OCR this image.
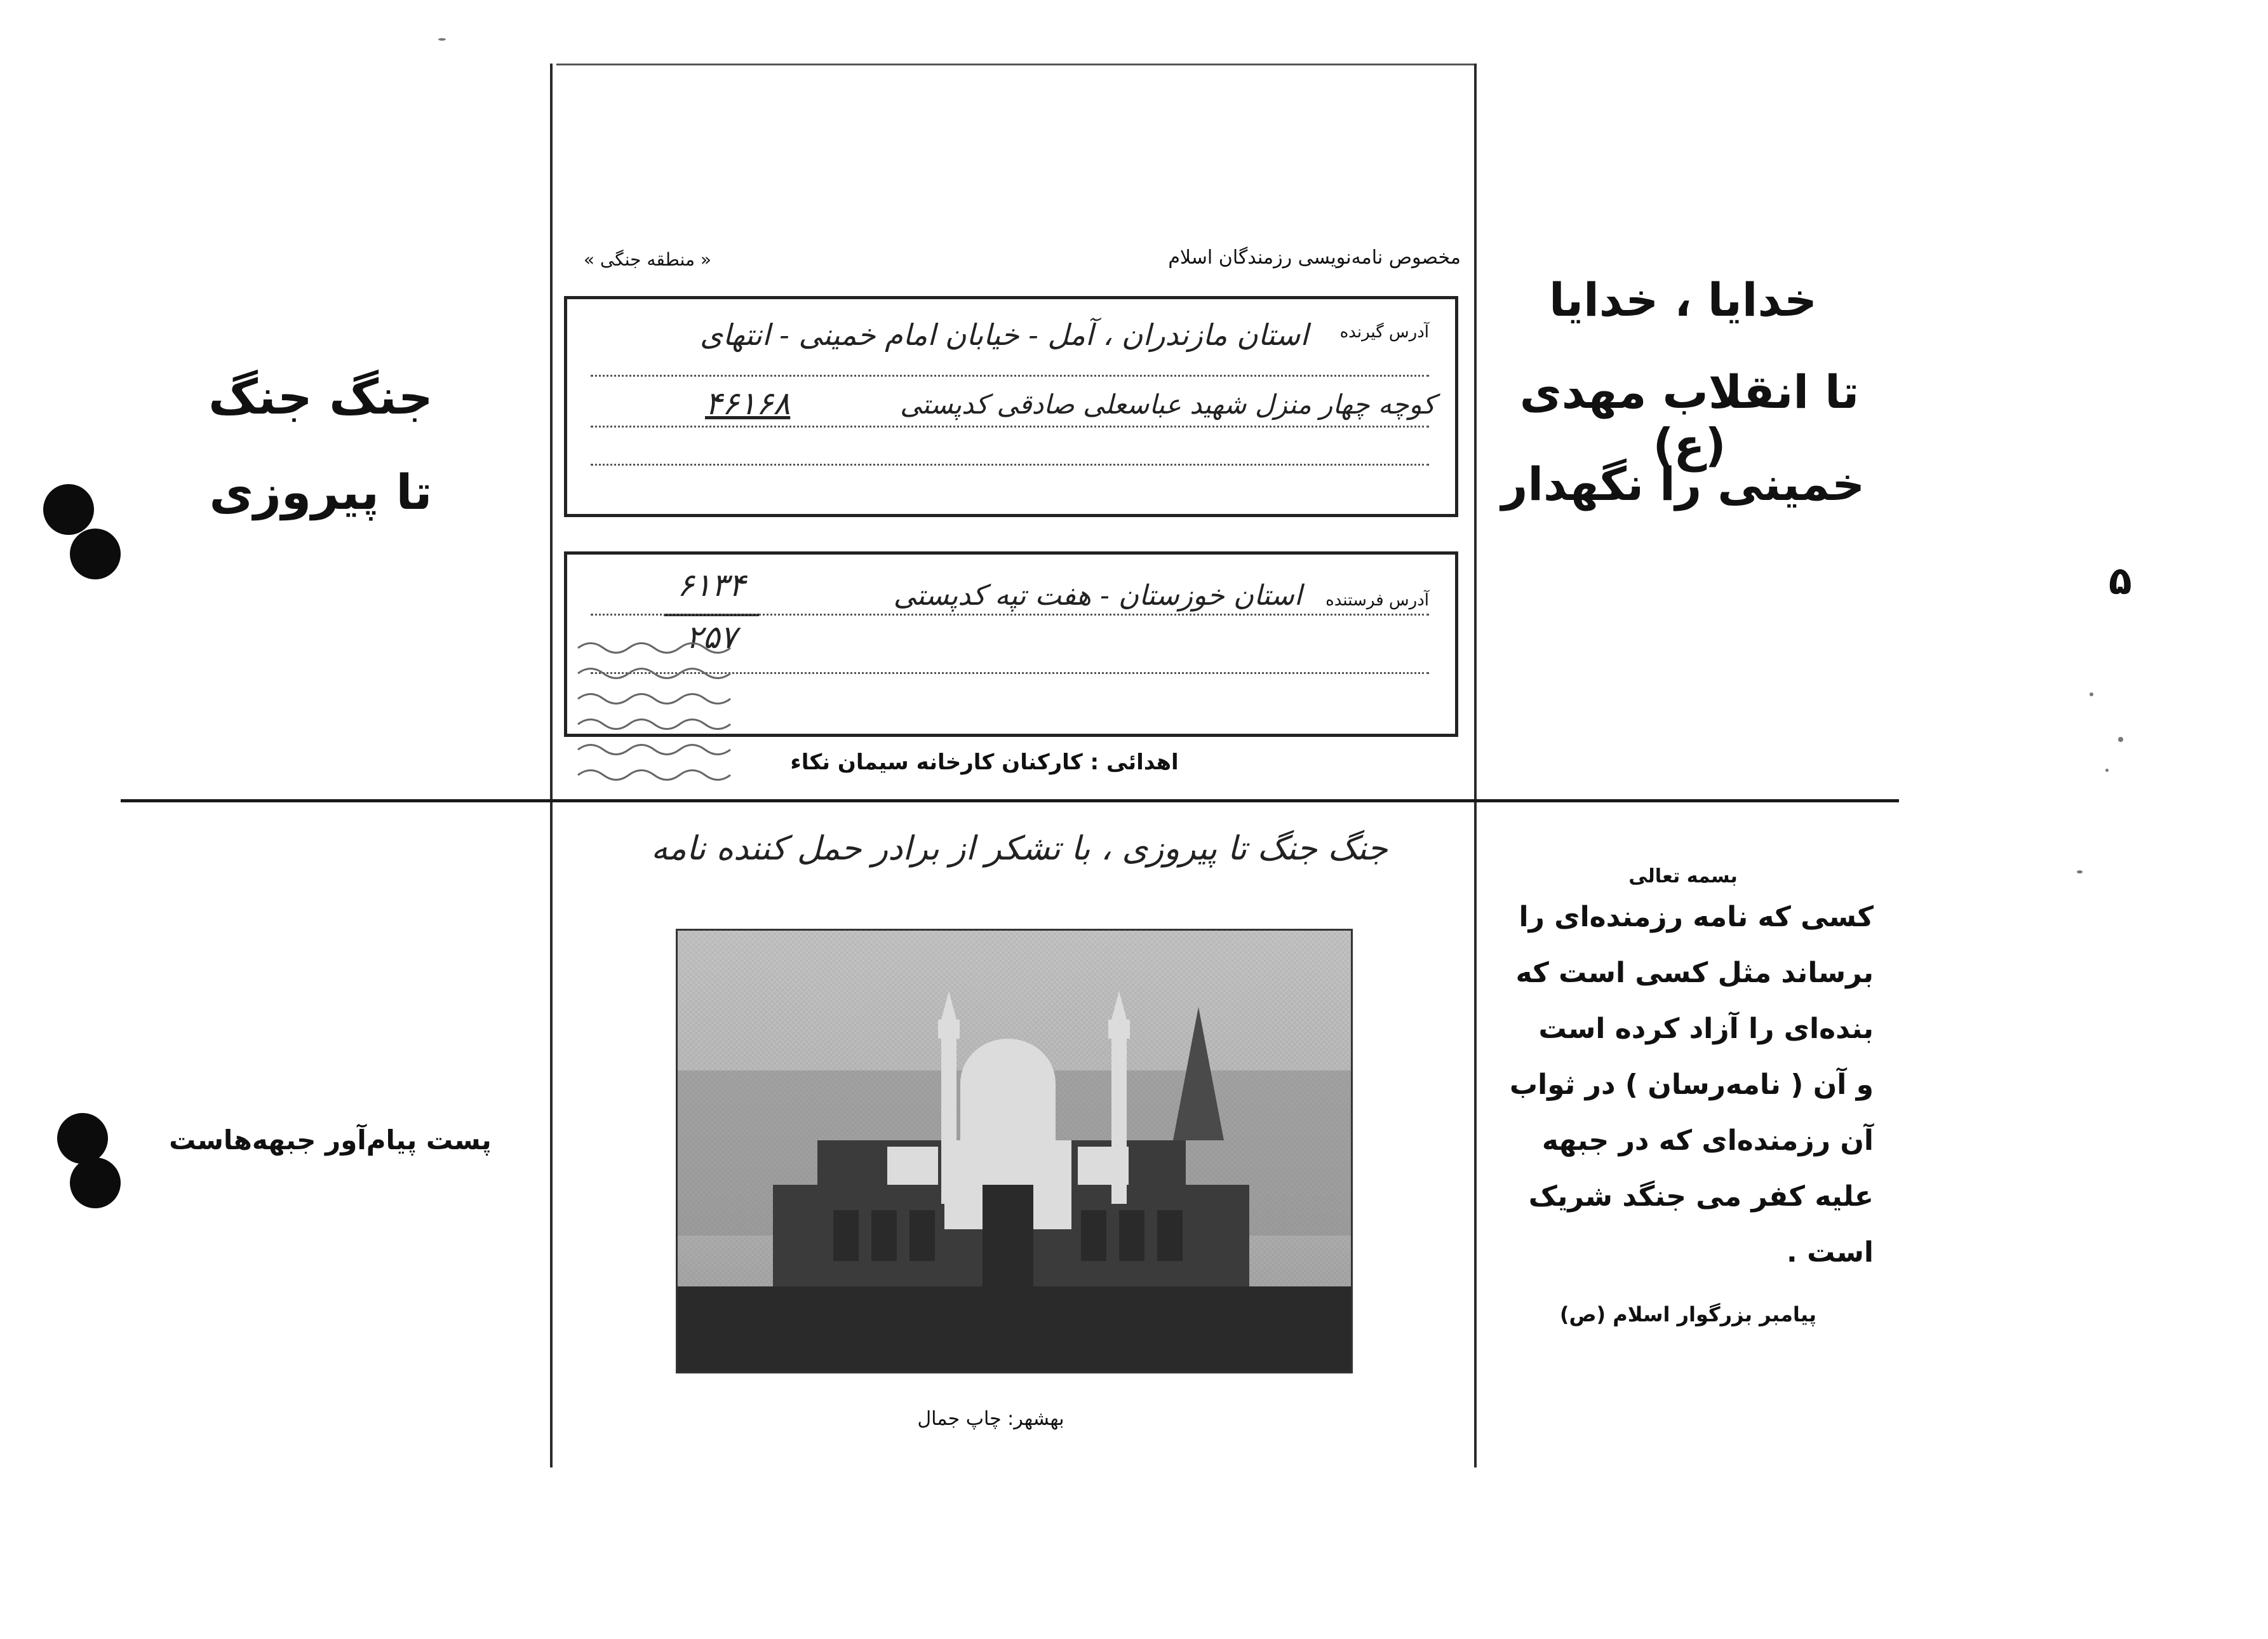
۵
مخصوص نامه‌نویسی رزمندگان اسلام
« منطقه جنگی »
آدرس گیرنده
استان مازندران ، آمل - خیابان امام خمینی - انتهای
کوچه چهار منزل شهید عباسعلی صادقی کدپستی
۴۶۱۶۸
آدرس فرستنده
استان خوزستان - هفت تپه کدپستی
۶۱۳۴
۲۵۷
اهدائی : کارکنان کارخانه سیمان نکاء
جنگ جنگ
تا پیروزی
خدایا ، خدایا
تا انقلاب مهدی (ع)
خمینی را نگهدار
پست پیام‌آور جبهه‌هاست
جنگ جنگ تا پیروزی ، با تشکر از برادر حمل کننده نامه
بهشهر: چاپ جمال
بسمه تعالی
کسی که نامه رزمنده‌ای را
برساند مثل کسی است که
بنده‌ای را آزاد کرده است
و آن ( نامه‌رسان ) در ثواب
آن رزمنده‌ای که در جبهه
علیه کفر می جنگد شریک
است .
پیامبر بزرگوار اسلام (ص)
